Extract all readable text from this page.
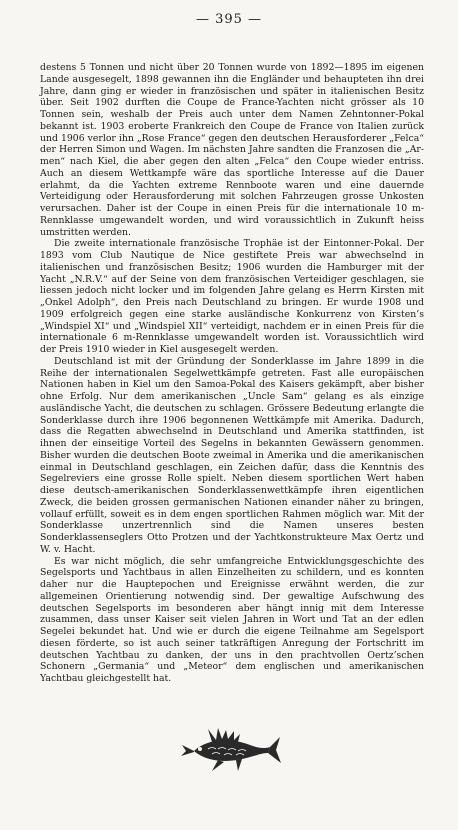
— 395 —

destens 5 Tonnen und nicht über 20 Tonnen wurde von 1892—1895 im eigenen Lande ausgesegelt, 1898 gewannen ihn die Engländer und behaupteten ihn drei Jahre, dann ging er wieder in französischen und später in italienischen Besitz über. Seit 1902 durften die Coupe de France-Yachten nicht grösser als 10 Tonnen sein, weshalb der Preis auch unter dem Namen Zehntonner-Pokal bekannt ist. 1903 eroberte Frankreich den Coupe de France von Italien zurück und 1906 verlor ihn „Rose France“ gegen den deutschen Herausforderer „Felca“ der Herren Simon und Wagen. Im nächsten Jahre sandten die Franzosen die „Ar-men“ nach Kiel, die aber gegen den alten „Felca“ den Coupe wieder entriss. Auch an diesem Wettkampfe wäre das sportliche Interesse auf die Dauer erlahmt, da die Yachten extreme Rennboote waren und eine dauernde Verteidigung oder Herausforderung mit solchen Fahrzeugen grosse Unkosten verursachen. Daher ist der Coupe in einen Preis für die internationale 10 m-Rennklasse umgewandelt worden, und wird voraussichtlich in Zukunft heiss umstritten werden.

Die zweite internationale französische Trophäe ist der Eintonner-Pokal. Der 1893 vom Club Nautique de Nice gestiftete Preis war abwechselnd in italienischen und französischen Besitz; 1906 wurden die Hamburger mit der Yacht „N.R.V.“ auf der Seine von dem französischen Verteidiger geschlagen, sie liessen jedoch nicht locker und im folgenden Jahre gelang es Herrn Kirsten mit „Onkel Adolph“, den Preis nach Deutschland zu bringen. Er wurde 1908 und 1909 erfolgreich gegen eine starke ausländische Konkurrenz von Kirsten’s „Windspiel XI“ und „Windspiel XII“ verteidigt, nachdem er in einen Preis für die internationale 6 m-Rennklasse umgewandelt worden ist. Voraussichtlich wird der Preis 1910 wieder in Kiel ausgesegelt werden.

Deutschland ist mit der Gründung der Sonderklasse im Jahre 1899 in die Reihe der internationalen Segelwettkämpfe getreten. Fast alle europäischen Nationen haben in Kiel um den Samoa-Pokal des Kaisers gekämpft, aber bisher ohne Erfolg. Nur dem amerikanischen „Uncle Sam“ gelang es als einzige ausländische Yacht, die deutschen zu schlagen. Grössere Bedeutung erlangte die Sonderklasse durch ihre 1906 begonnenen Wettkämpfe mit Amerika. Dadurch, dass die Regatten abwechselnd in Deutschland und Amerika stattfinden, ist ihnen der einseitige Vorteil des Segelns in bekannten Gewässern genommen. Bisher wurden die deutschen Boote zweimal in Amerika und die amerikanischen einmal in Deutschland geschlagen, ein Zeichen dafür, dass die Kenntnis des Segelreviers eine grosse Rolle spielt. Neben diesem sportlichen Wert haben diese deutsch-amerikanischen Sonderklassenwettkämpfe ihren eigentlichen Zweck, die beiden grossen germanischen Nationen einander näher zu bringen, vollauf erfüllt, soweit es in dem engen sportlichen Rahmen möglich war. Mit der Sonderklasse unzertrennlich sind die Namen unseres besten Sonderklassenseglers Otto Protzen und der Yachtkonstrukteure Max Oertz und W. v. Hacht.

Es war nicht möglich, die sehr umfangreiche Entwicklungsgeschichte des Segelsports und Yachtbaus in allen Einzelheiten zu schildern, und es konnten daher nur die Hauptepochen und Ereignisse erwähnt werden, die zur allgemeinen Orientierung notwendig sind. Der gewaltige Aufschwung des deutschen Segelsports im besonderen aber hängt innig mit dem Interesse zusammen, dass unser Kaiser seit vielen Jahren in Wort und Tat an der edlen Segelei bekundet hat. Und wie er durch die eigene Teilnahme am Segelsport diesen förderte, so ist auch seiner tatkräftigen Anregung der Fortschritt im deutschen Yachtbau zu danken, der uns in den prachtvollen Oertz’schen Schonern „Germania“ und „Meteor“ dem englischen und amerikanischen Yachtbau gleichgestellt hat.
